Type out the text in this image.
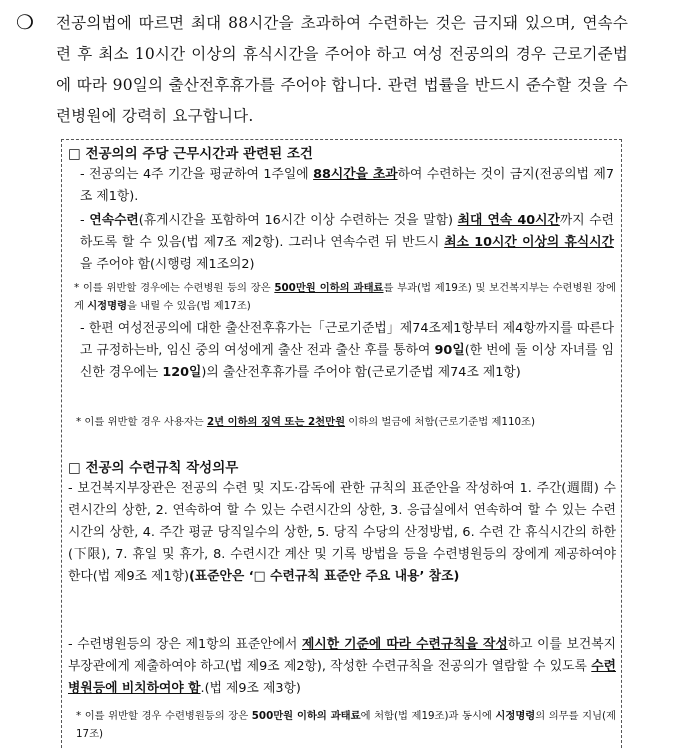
❍ 전공의법에 따르면 최대 88시간을 초과하여 수련하는 것은 금지돼 있으며, 연속수련 후 최소 10시간 이상의 휴식시간을 주어야 하고 여성 전공의의 경우 근로기준법에 따라 90일의 출산전후휴가를 주어야 합니다. 관련 법률을 반드시 준수할 것을 수련병원에 강력히 요구합니다.

□ 전공의의 주당 근무시간과 관련된 조건
- 전공의는 4주 기간을 평균하여 1주일에 88시간을 초과하여 수련하는 것이 금지(전공의법 제7조 제1항).
- 연속수련(휴게시간을 포함하여 16시간 이상 수련하는 것을 말함) 최대 연속 40시간까지 수련하도록 할 수 있음(법 제7조 제2항). 그러나 연속수련 뒤 반드시 최소 10시간 이상의 휴식시간을 주어야 함(시행령 제1조의2)
* 이를 위반할 경우에는 수련병원 등의 장은 500만원 이하의 과태료를 부과(법 제19조) 및 보건복지부는 수련병원 장에게 시정명령을 내릴 수 있음(법 제17조)
- 한편 여성전공의에 대한 출산전후휴가는「근로기준법」제74조제1항부터 제4항까지를 따른다고 규정하는바, 임신 중의 여성에게 출산 전과 출산 후를 통하여 90일(한 번에 둘 이상 자녀를 임신한 경우에는 120일)의 출산전후휴가를 주어야 함(근로기준법 제74조 제1항)
* 이를 위반할 경우 사용자는 2년 이하의 징역 또는 2천만원 이하의 벌금에 처함(근로기준법 제110조)
□ 전공의 수련규칙 작성의무
- 보건복지부장관은 전공의 수련 및 지도·감독에 관한 규칙의 표준안을 작성하여 1. 주간(週間) 수련시간의 상한, 2. 연속하여 할 수 있는 수련시간의 상한, 3. 응급실에서 연속하여 할 수 있는 수련시간의 상한, 4. 주간 평균 당직일수의 상한, 5. 당직 수당의 산정방법, 6. 수련 간 휴식시간의 하한(下限), 7. 휴일 및 휴가, 8. 수련시간 계산 및 기록 방법을 등을 수련병원등의 장에게 제공하여야 한다(법 제9조 제1항)(표준안은 ‘□ 수련규칙 표준안 주요 내용’ 참조)
- 수련병원등의 장은 제1항의 표준안에서 제시한 기준에 따라 수련규칙을 작성하고 이를 보건복지부장관에게 제출하여야 하고(법 제9조 제2항), 작성한 수련규칙을 전공의가 열람할 수 있도록 수련병원등에 비치하여야 함.(법 제9조 제3항)
* 이를 위반할 경우 수련병원등의 장은 500만원 이하의 과태료에 처함(법 제19조)과 동시에 시정명령의 의무를 지님(제17조)
